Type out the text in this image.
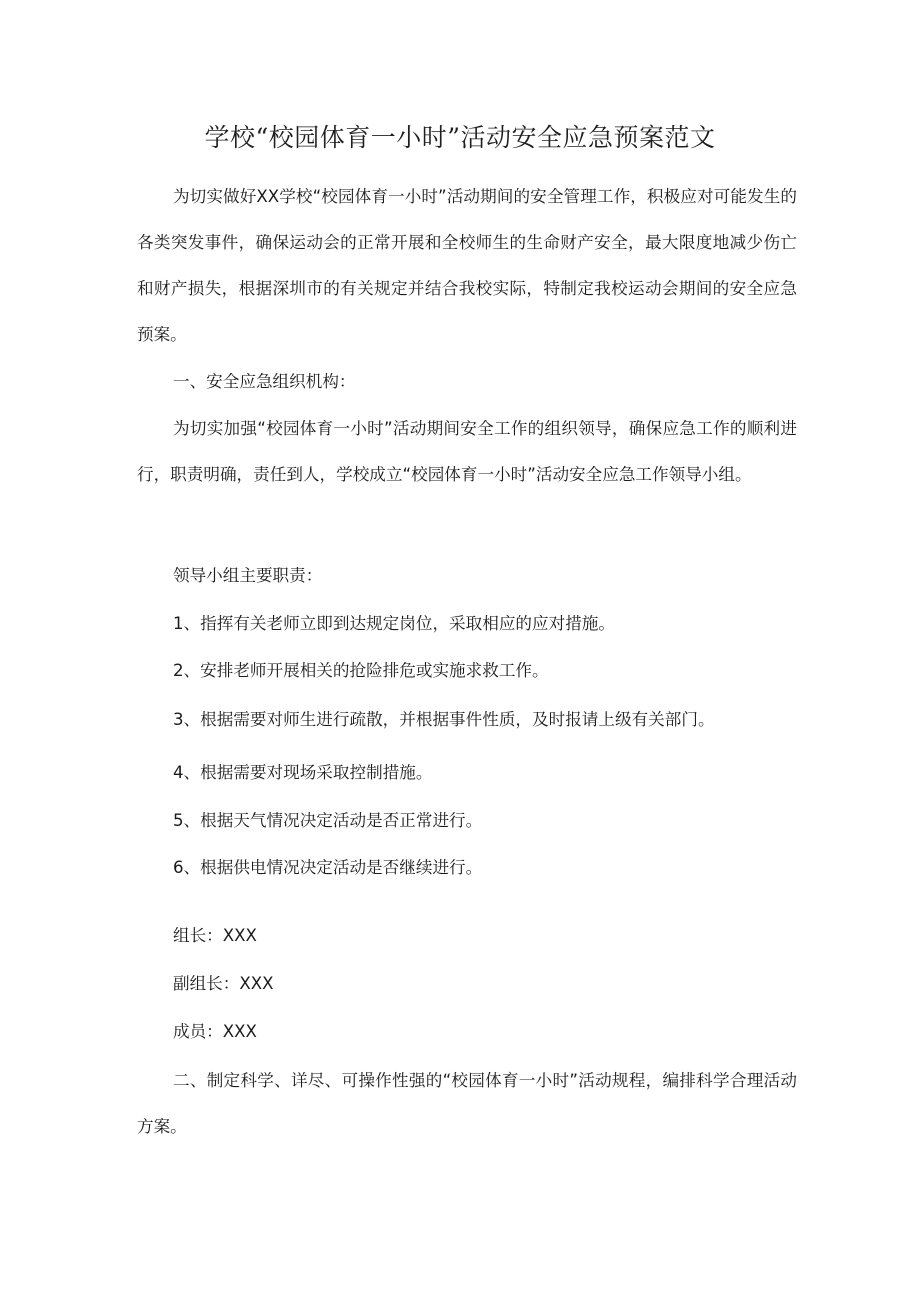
学校“校园体育一小时”活动安全应急预案范文

为切实做好XX学校“校园体育一小时”活动期间的安全管理工作，积极应对可能发生的各类突发事件，确保运动会的正常开展和全校师生的生命财产安全，最大限度地减少伤亡和财产损失，根据深圳市的有关规定并结合我校实际，特制定我校运动会期间的安全应急预案。

一、安全应急组织机构：

为切实加强“校园体育一小时”活动期间安全工作的组织领导，确保应急工作的顺利进行，职责明确，责任到人，学校成立“校园体育一小时”活动安全应急工作领导小组。

领导小组主要职责：
1、指挥有关老师立即到达规定岗位，采取相应的应对措施。
2、安排老师开展相关的抢险排危或实施求救工作。
3、根据需要对师生进行疏散，并根据事件性质，及时报请上级有关部门。
4、根据需要对现场采取控制措施。
5、根据天气情况决定活动是否正常进行。
6、根据供电情况决定活动是否继续进行。
组长：XXX
副组长：XXX
成员：XXX

二、制定科学、详尽、可操作性强的“校园体育一小时”活动规程，编排科学合理活动方案。
